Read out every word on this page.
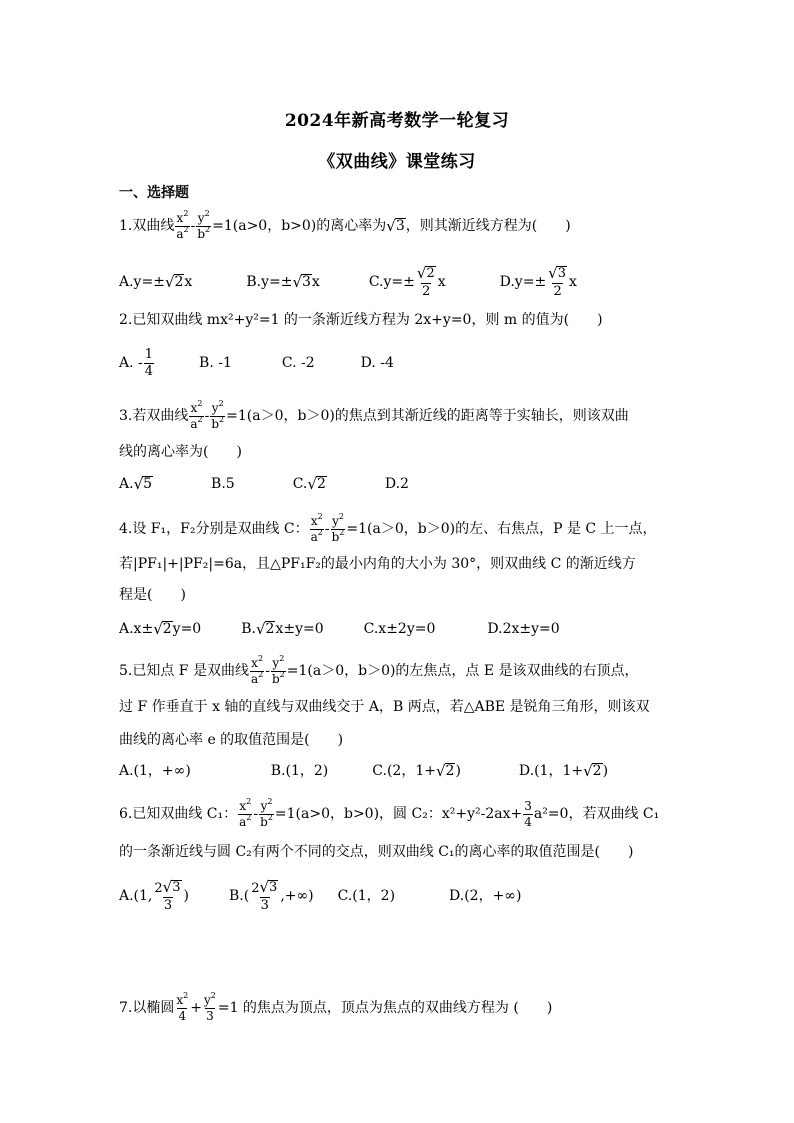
2024年新高考数学一轮复习
《双曲线》课堂练习
一、选择题
1.双曲线 $\frac{x^2}{a^2} - \frac{y^2}{b^2} =1(a>0$，b>0)的离心率为 √ 3 ，则其渐近线方程为(　　)
A.y=± √ 2 x	B.y=± √ 3 x	$C.y=\pm \frac{√ 2}{2}$ x	$D.y=\pm \frac{√ 3}{2}$ x
2.已知双曲线 mx²+y²=1 的一条渐近线方程为 2x+y=0，则 m 的值为(　　)
A. - $\frac{1}{4}$	B. -1	C. -2	D. -4
3.若双曲线 $\frac{x^2}{a^2} - \frac{y^2}{b^2} =1(a>0$，b＞0)的焦点到其渐近线的距离等于实轴长，则该双曲
线的离心率为(　　)
A. √ 5	B.5	C. √ 2	D.2
4.设 F₁，F₂分别是双曲线 C： $\frac{x^2}{a^2} - \frac{y^2}{b^2} =1(a>0$，b＞0)的左、右焦点，P 是 C 上一点，
若|PF₁|+|PF₂|=6a，且△PF₁F₂的最小内角的大小为 30°，则双曲线 C 的渐近线方
程是(　　)
A.x± √ 2 y=0	B. √ 2 x±y=0	C.x±2y=0	D.2x±y=0
5.已知点 F 是双曲线 $\frac{x^2}{a^2} - \frac{y^2}{b^2} =1(a>0$，b＞0)的左焦点，点 E 是该双曲线的右顶点，
过 F 作垂直于 x 轴的直线与双曲线交于 A，B 两点，若△ABE 是锐角三角形，则该双
曲线的离心率 e 的取值范围是(　　)
A.(1，+∞)	B.(1，2)	C.(2，1+ √ 2 )	D.(1，1+ √ 2 )
6.已知双曲线 C₁： $\frac{x^2}{a^2} - \frac{y^2}{b^2} =1(a>0$，b>0)，圆 C₂：$x^2+y^2-2ax+ \frac{3}{4} a^2=0$，若双曲线 C₁
的一条渐近线与圆 C₂有两个不同的交点，则双曲线 C₁的离心率的取值范围是(　　)
A.(1, $\frac{2 √ 3}{3}$ )	$B.( \frac{2 √ 3}{3}$ ,+∞) C.(1，2)	D.(2，+∞)
7.以椭圆 $\frac{x^2}{4} + \frac{y^2}{3} =1$ 的焦点为顶点，顶点为焦点的双曲线方程为 (　　)
